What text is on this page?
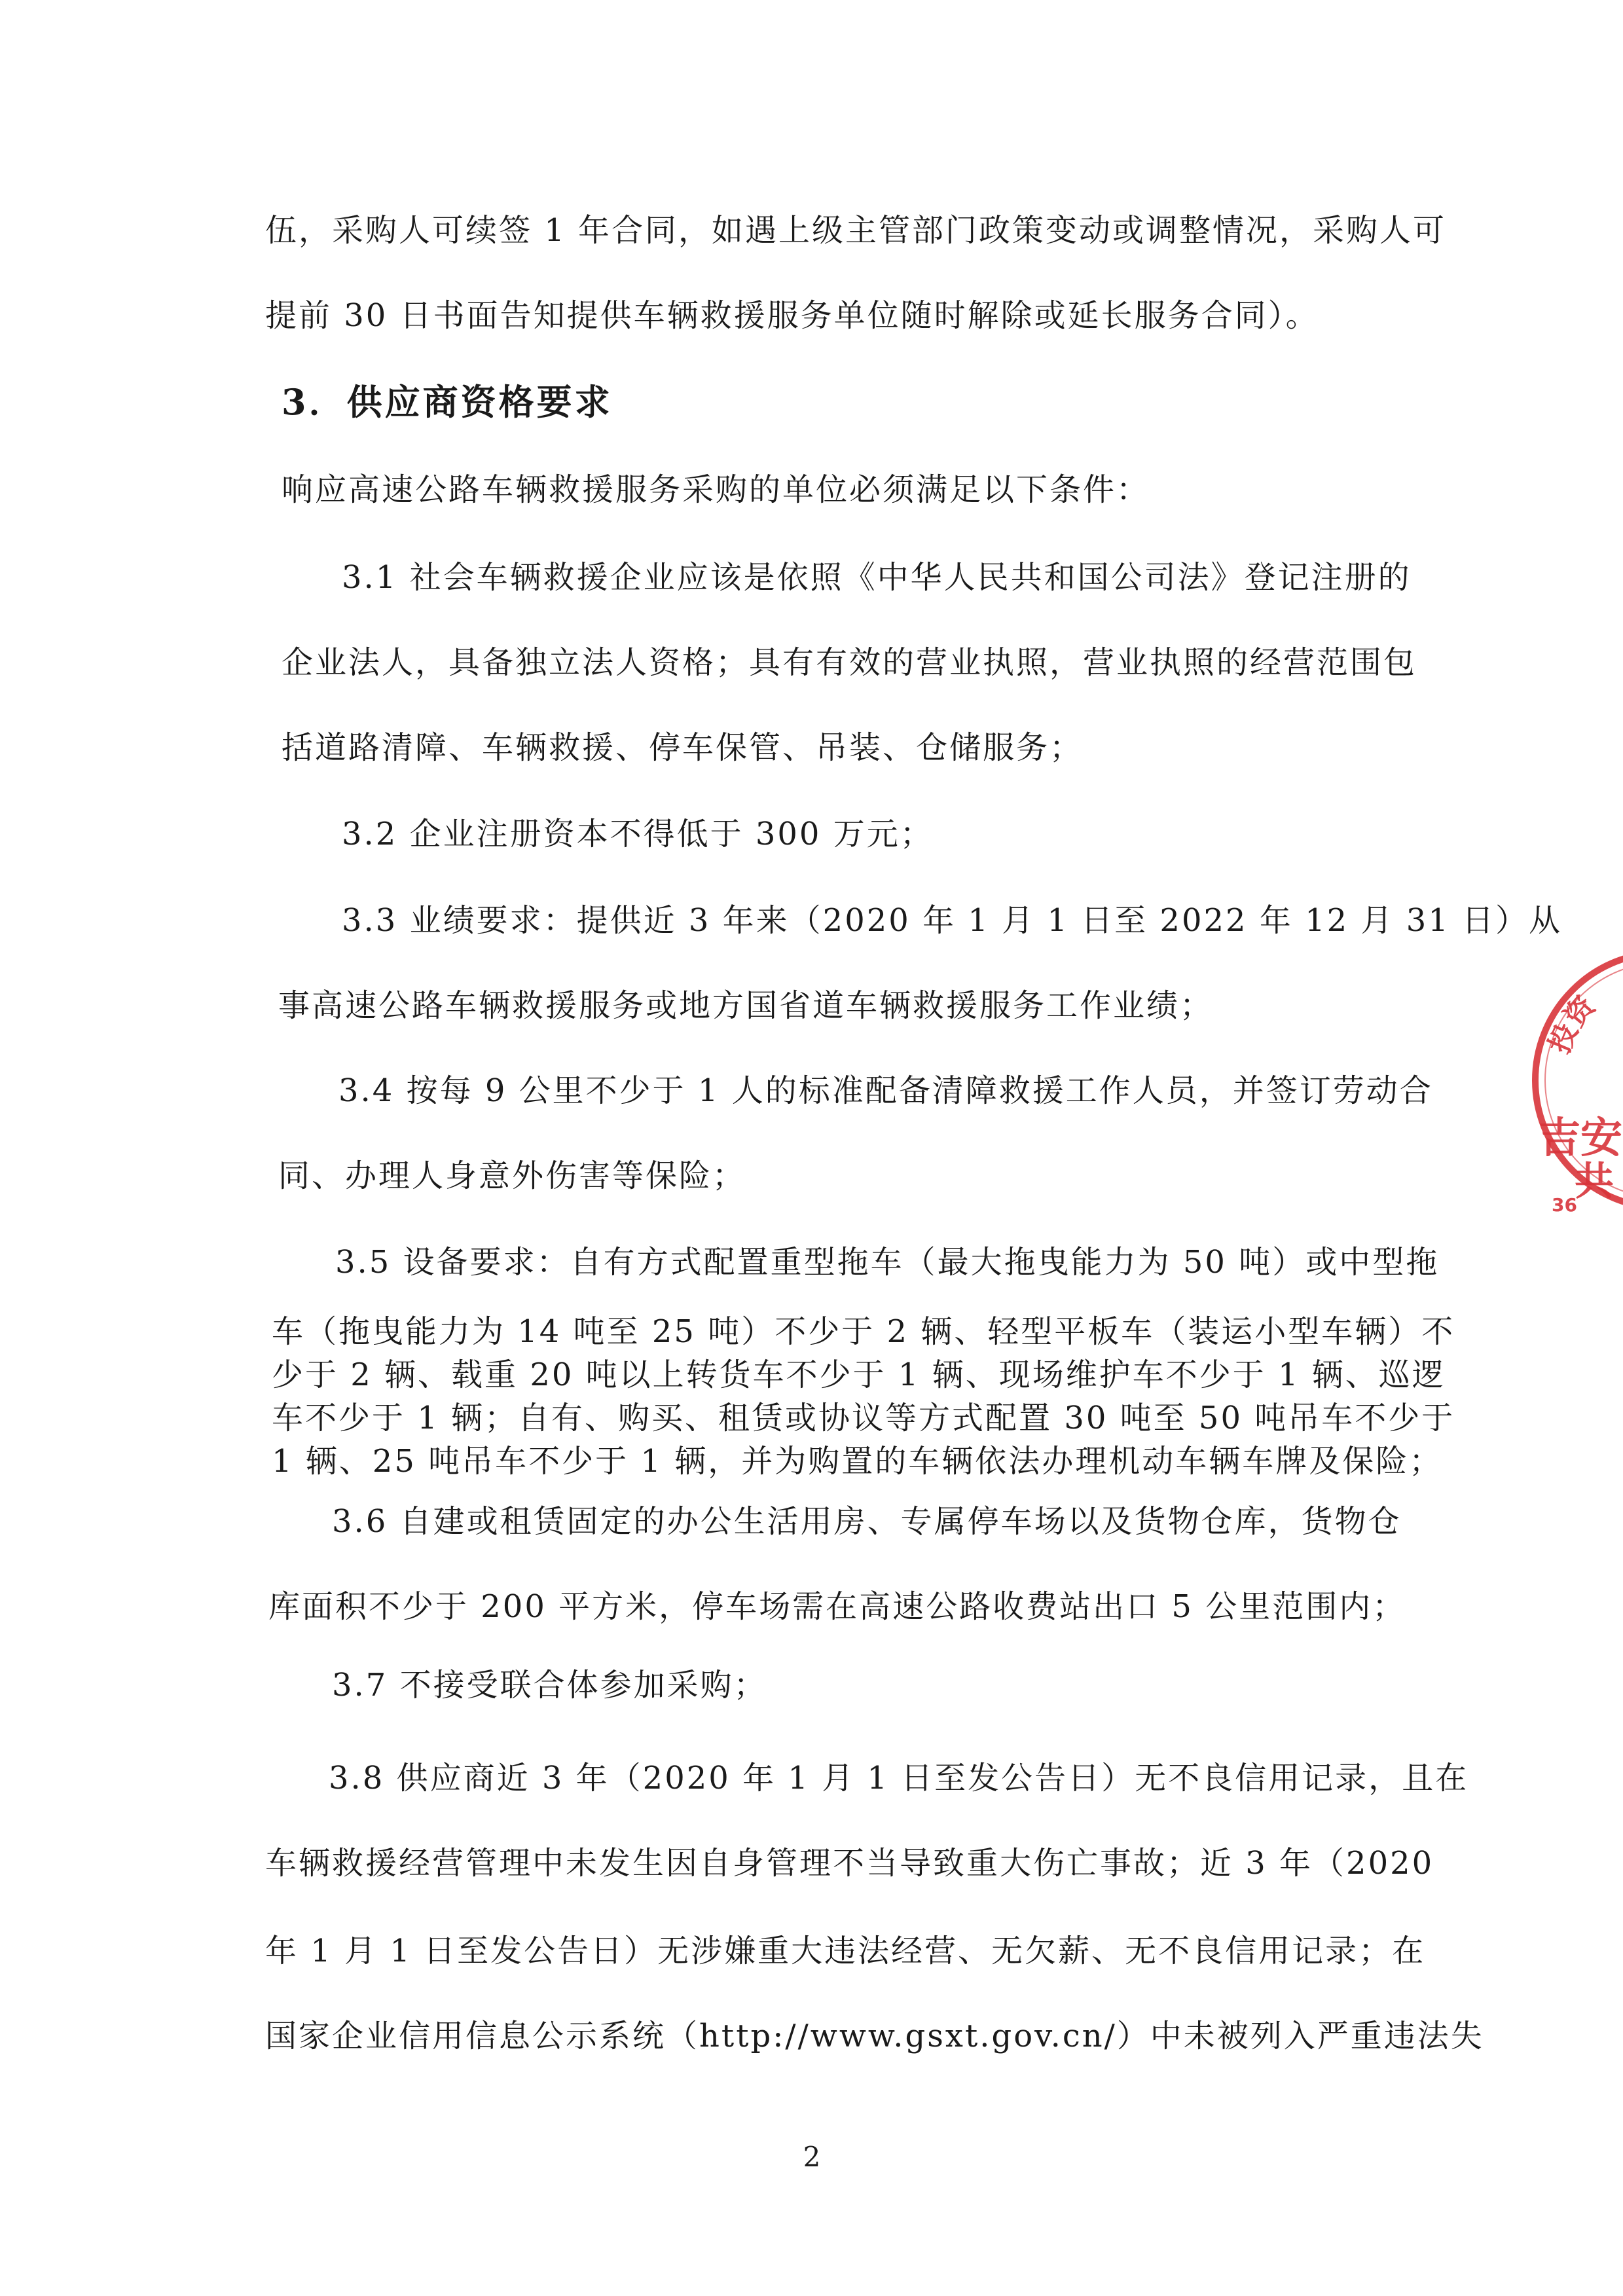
伍，采购人可续签 1 年合同，如遇上级主管部门政策变动或调整情况，采购人可
提前 30 日书面告知提供车辆救援服务单位随时解除或延长服务合同）。
3．供应商资格要求
响应高速公路车辆救援服务采购的单位必须满足以下条件：
3.1 社会车辆救援企业应该是依照《中华人民共和国公司法》登记注册的
企业法人，具备独立法人资格；具有有效的营业执照，营业执照的经营范围包
括道路清障、车辆救援、停车保管、吊装、仓储服务；
3.2 企业注册资本不得低于 300 万元；
3.3 业绩要求：提供近 3 年来（2020 年 1 月 1 日至 2022 年 12 月 31 日）从
事高速公路车辆救援服务或地方国省道车辆救援服务工作业绩；
3.4 按每 9 公里不少于 1 人的标准配备清障救援工作人员，并签订劳动合
同、办理人身意外伤害等保险；
3.5 设备要求：自有方式配置重型拖车（最大拖曳能力为 50 吨）或中型拖
车（拖曳能力为 14 吨至 25 吨）不少于 2 辆、轻型平板车（装运小型车辆）不
少于 2 辆、载重 20 吨以上转货车不少于 1 辆、现场维护车不少于 1 辆、巡逻
车不少于 1 辆；自有、购买、租赁或协议等方式配置 30 吨至 50 吨吊车不少于
1 辆、25 吨吊车不少于 1 辆，并为购置的车辆依法办理机动车辆车牌及保险；
3.6 自建或租赁固定的办公生活用房、专属停车场以及货物仓库，货物仓
库面积不少于 200 平方米，停车场需在高速公路收费站出口 5 公里范围内；
3.7 不接受联合体参加采购；
3.8 供应商近 3 年（2020 年 1 月 1 日至发公告日）无不良信用记录，且在
车辆救援经营管理中未发生因自身管理不当导致重大伤亡事故；近 3 年（2020
年 1 月 1 日至发公告日）无涉嫌重大违法经营、无欠薪、无不良信用记录；在
国家企业信用信息公示系统（http://www.gsxt.gov.cn/）中未被列入严重违法失
2
投资
吉安
共
36
